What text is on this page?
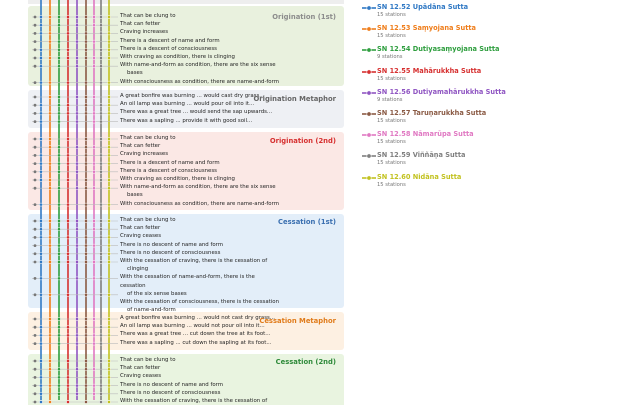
That can be clung to
That can fetter
Craving increases
There is a descent of name and form
There is a descent of consciousness
With craving as condition, there is clinging
With name-and-form as condition, there are the six sense
bases
With consciousness as condition, there are name-and-form
Origination (1st)
A great bonfire was burning ... would cast dry grass...
An oil lamp was burning ... would pour oil into it...
There was a great tree ... would send the sap upwards...
There was a sapling ... provide it with good soil...
Origination Metaphor
That can be clung to
That can fetter
Craving increases
There is a descent of name and form
There is a descent of consciousness
With craving as condition, there is clinging
With name-and-form as condition, there are the six sense
bases
With consciousness as condition, there are name-and-form
Origination (2nd)
That can be clung to
That can fetter
Craving ceases
There is no descent of name and form
There is no descent of consciousness
With the cessation of craving, there is the cessation of
clinging
With the cessation of name-and-form, there is the cessation
of the six sense bases
With the cessation of consciousness, there is the cessation
of name-and-form
Cessation (1st)
A great bonfire was burning ... would not cast dry grass...
An oil lamp was burning ... would not pour oil into it...
There was a great tree ... cut down the tree at its foot...
There was a sapling ... cut down the sapling at its foot...
Cessation Metaphor
That can be clung to
That can fetter
Craving ceases
There is no descent of name and form
There is no descent of consciousness
With the cessation of craving, there is the cessation of
Cessation (2nd)
SN 12.52 Upādāna Sutta
15 stations
SN 12.53 Saṃyojana Sutta
15 stations
SN 12.54 Dutiyasaṃyojana Sutta
9 stations
SN 12.55 Mahārukkha Sutta
15 stations
SN 12.56 Dutiyamahārukkha Sutta
9 stations
SN 12.57 Taruṇarukkha Sutta
15 stations
SN 12.58 Nāmarūpa Sutta
15 stations
SN 12.59 Viññāṇa Sutta
15 stations
SN 12.60 Nidāna Sutta
15 stations
